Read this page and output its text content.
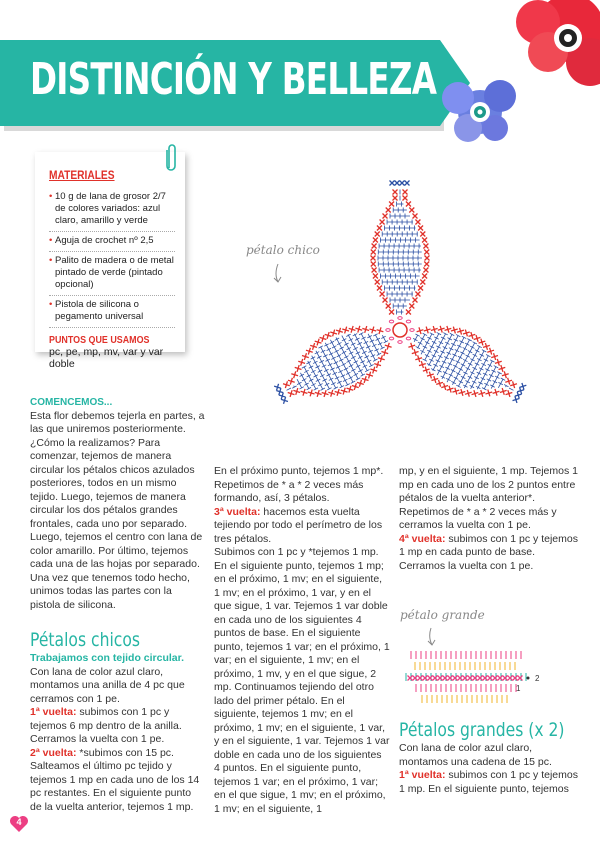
DISTINCIÓN Y BELLEZA
MATERIALES
• 10 g de lana de grosor 2/7 de colores variados: azul claro, amarillo y verde
• Aguja de crochet nº 2,5
• Palito de madera o de metal pintado de verde (pintado opcional)
• Pistola de silicona o pegamento universal
PUNTOS QUE USAMOS
pc, pe, mp, mv, var y var doble
pétalo chico
pétalo grande
2
1

COMENCEMOS...

Esta flor debemos tejerla en partes, a las que uniremos posteriormente. ¿Cómo la realizamos? Para comenzar, tejemos de manera circular los pétalos chicos azulados posteriores, todos en un mismo tejido. Luego, tejemos de manera circular los dos pétalos grandes frontales, cada uno por separado. Luego, tejemos el centro con lana de color amarillo. Por último, tejemos cada una de las hojas por separado. Una vez que tenemos todo hecho, unimos todas las partes con la pistola de silicona.

Pétalos chicos

Trabajamos con tejido circular.

Con lana de color azul claro, montamos una anilla de 4 pc que cerramos con 1 pe.

1ª vuelta: subimos con 1 pc y tejemos 6 mp dentro de la anilla. Cerramos la vuelta con 1 pe.

2ª vuelta: *subimos con 15 pc. Salteamos el último pc tejido y tejemos 1 mp en cada uno de los 14 pc restantes. En el siguiente punto de la vuelta anterior, tejemos 1 mp.

En el próximo punto, tejemos 1 mp*. Repetimos de * a * 2 veces más formando, así, 3 pétalos.

3ª vuelta: hacemos esta vuelta tejiendo por todo el perímetro de los tres pétalos.

Subimos con 1 pc y *tejemos 1 mp. En el siguiente punto, tejemos 1 mp; en el próximo, 1 mv; en el siguiente, 1 mv; en el próximo, 1 var, y en el que sigue, 1 var. Tejemos 1 var doble en cada uno de los siguientes 4 puntos de base. En el siguiente punto, tejemos 1 var; en el próximo, 1 var; en el siguiente, 1 mv; en el próximo, 1 mv, y en el que sigue, 2 mp. Continuamos tejiendo del otro lado del primer pétalo. En el siguiente, tejemos 1 mv; en el próximo, 1 mv; en el siguiente, 1 var, y en el siguiente, 1 var. Tejemos 1 var doble en cada uno de los siguientes 4 puntos. En el siguiente punto, tejemos 1 var; en el próximo, 1 var; en el que sigue, 1 mv; en el próximo, 1 mv; en el siguiente, 1

mp, y en el siguiente, 1 mp. Tejemos 1 mp en cada uno de los 2 puntos entre pétalos de la vuelta anterior*. Repetimos de * a * 2 veces más y cerramos la vuelta con 1 pe.

4ª vuelta: subimos con 1 pc y tejemos 1 mp en cada punto de base. Cerramos la vuelta con 1 pe.

Pétalos grandes (x 2)

Con lana de color azul claro, montamos una cadena de 15 pc.

1ª vuelta: subimos con 1 pc y tejemos 1 mp. En el siguiente punto, tejemos

4
